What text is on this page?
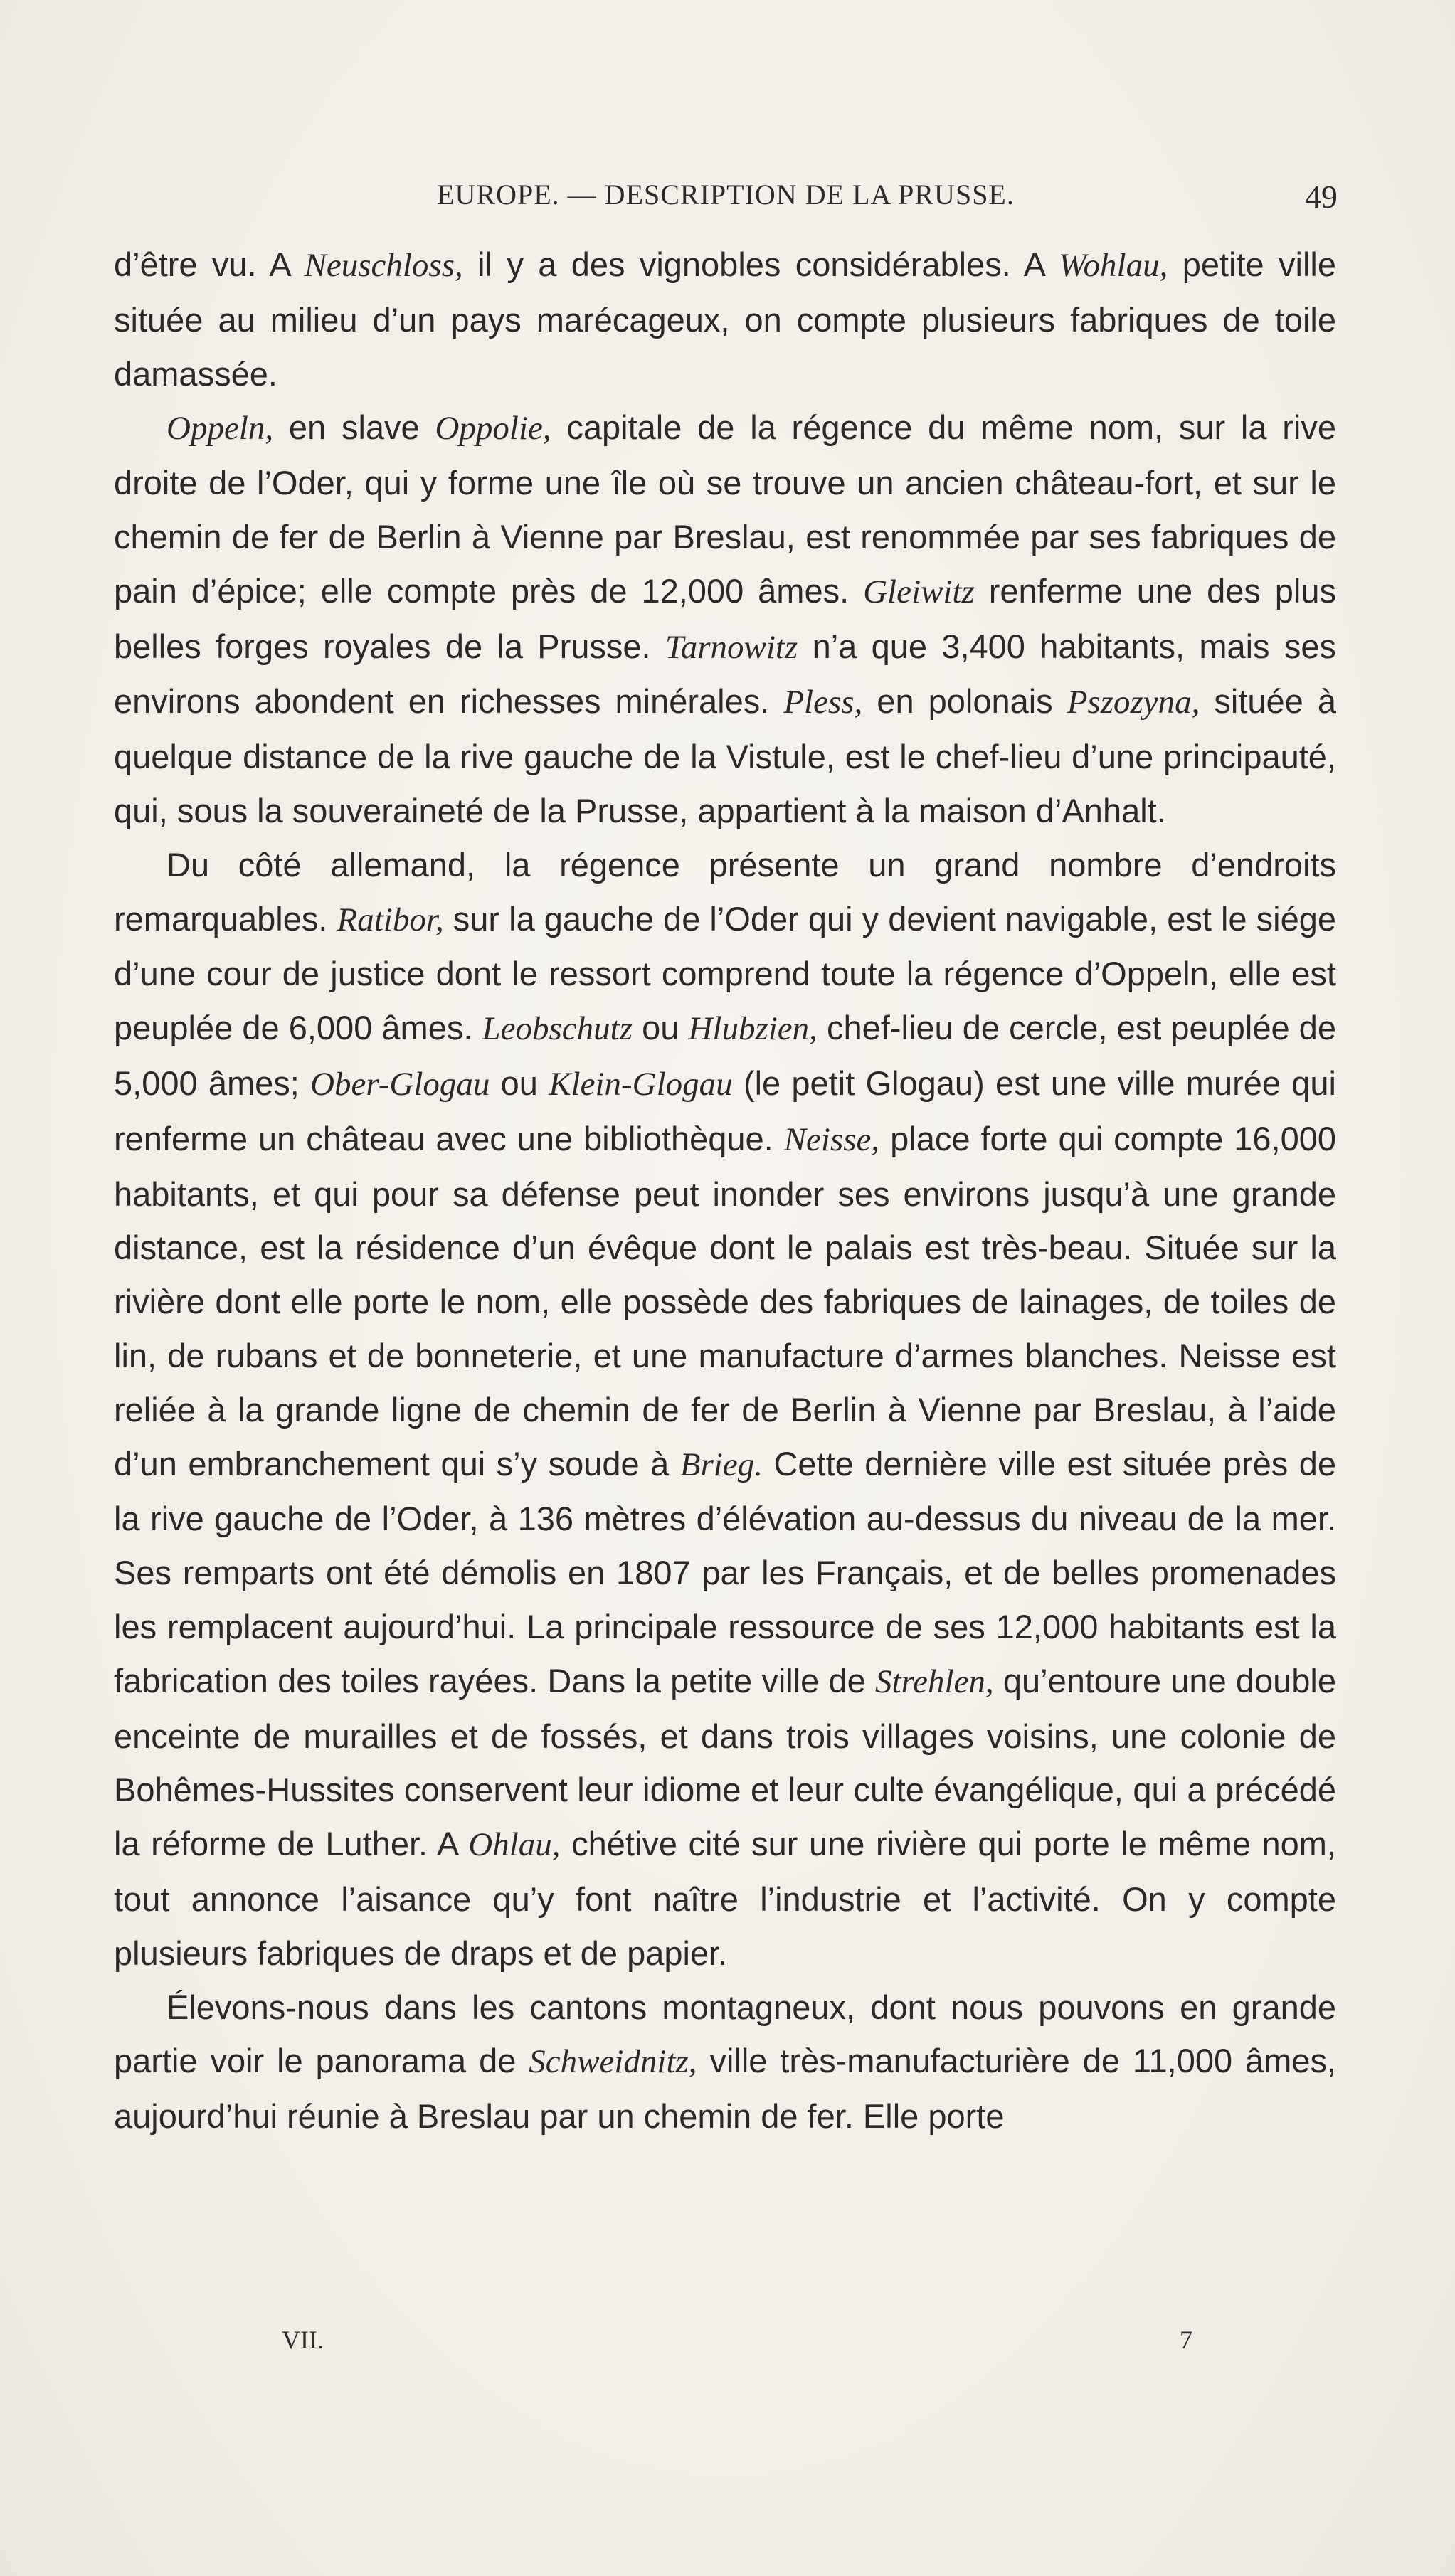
EUROPE. — DESCRIPTION DE LA PRUSSE.	49

d’être vu. A Neuschloss, il y a des vignobles considérables. A Wohlau, petite ville située au milieu d’un pays marécageux, on compte plusieurs fabriques de toile damassée.

Oppeln, en slave Oppolie, capitale de la régence du même nom, sur la rive droite de l’Oder, qui y forme une île où se trouve un ancien château-fort, et sur le chemin de fer de Berlin à Vienne par Breslau, est renommée par ses fabriques de pain d’épice; elle compte près de 12,000 âmes. Gleiwitz renferme une des plus belles forges royales de la Prusse. Tarnowitz n’a que 3,400 habitants, mais ses environs abondent en richesses minérales. Pless, en polonais Pszozyna, située à quelque distance de la rive gauche de la Vistule, est le chef-lieu d’une principauté, qui, sous la souveraineté de la Prusse, appartient à la maison d’Anhalt.

Du côté allemand, la régence présente un grand nombre d’endroits remarquables. Ratibor, sur la gauche de l’Oder qui y devient navigable, est le siége d’une cour de justice dont le ressort comprend toute la régence d’Oppeln, elle est peuplée de 6,000 âmes. Leobschutz ou Hlubzien, chef-lieu de cercle, est peuplée de 5,000 âmes; Ober-Glogau ou Klein-Glogau (le petit Glogau) est une ville murée qui renferme un château avec une bibliothèque. Neisse, place forte qui compte 16,000 habitants, et qui pour sa défense peut inonder ses environs jusqu’à une grande distance, est la résidence d’un évêque dont le palais est très-beau. Située sur la rivière dont elle porte le nom, elle possède des fabriques de lainages, de toiles de lin, de rubans et de bonneterie, et une manufacture d’armes blanches. Neisse est reliée à la grande ligne de chemin de fer de Berlin à Vienne par Breslau, à l’aide d’un embranchement qui s’y soude à Brieg. Cette dernière ville est située près de la rive gauche de l’Oder, à 136 mètres d’élévation au-dessus du niveau de la mer. Ses remparts ont été démolis en 1807 par les Français, et de belles promenades les remplacent aujourd’hui. La principale ressource de ses 12,000 habitants est la fabrication des toiles rayées. Dans la petite ville de Strehlen, qu’entoure une double enceinte de murailles et de fossés, et dans trois villages voisins, une colonie de Bohêmes-Hussites conservent leur idiome et leur culte évangélique, qui a précédé la réforme de Luther. A Ohlau, chétive cité sur une rivière qui porte le même nom, tout annonce l’aisance qu’y font naître l’industrie et l’activité. On y compte plusieurs fabriques de draps et de papier.

Élevons-nous dans les cantons montagneux, dont nous pouvons en grande partie voir le panorama de Schweidnitz, ville très-manufacturière de 11,000 âmes, aujourd’hui réunie à Breslau par un chemin de fer. Elle porte

VII.	7
